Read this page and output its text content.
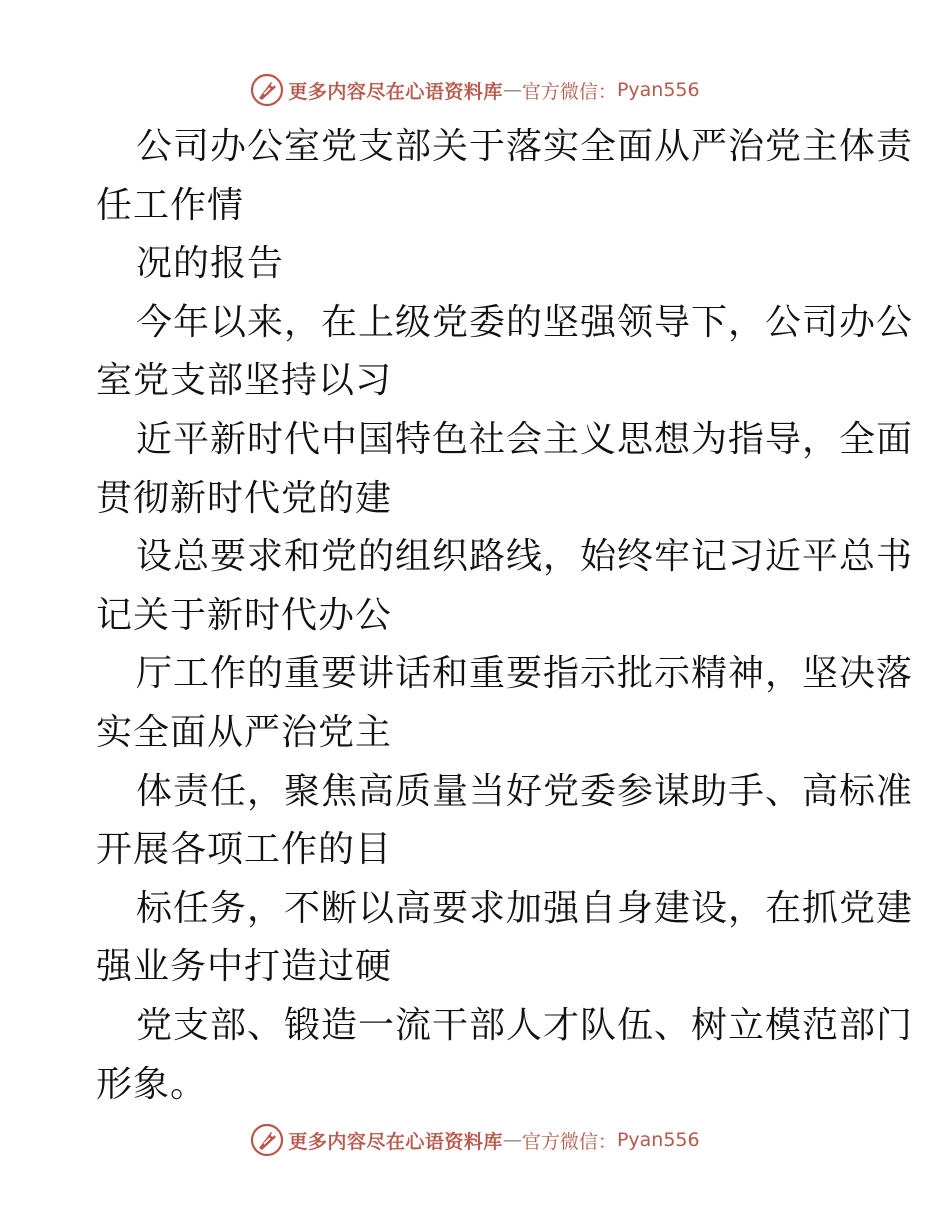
更多内容尽在心语资料库 — 官方微信： Pyan556
公司办公室党支部关于落实全面从严治党主体责
任工作情
况的报告
今年以来，在上级党委的坚强领导下，公司办公
室党支部坚持以习
近平新时代中国特色社会主义思想为指导，全面
贯彻新时代党的建
设总要求和党的组织路线，始终牢记习近平总书
记关于新时代办公
厅工作的重要讲话和重要指示批示精神，坚决落
实全面从严治党主
体责任，聚焦高质量当好党委参谋助手、高标准
开展各项工作的目
标任务，不断以高要求加强自身建设，在抓党建
强业务中打造过硬
党支部、锻造一流干部人才队伍、树立模范部门
形象。
更多内容尽在心语资料库 — 官方微信： Pyan556
